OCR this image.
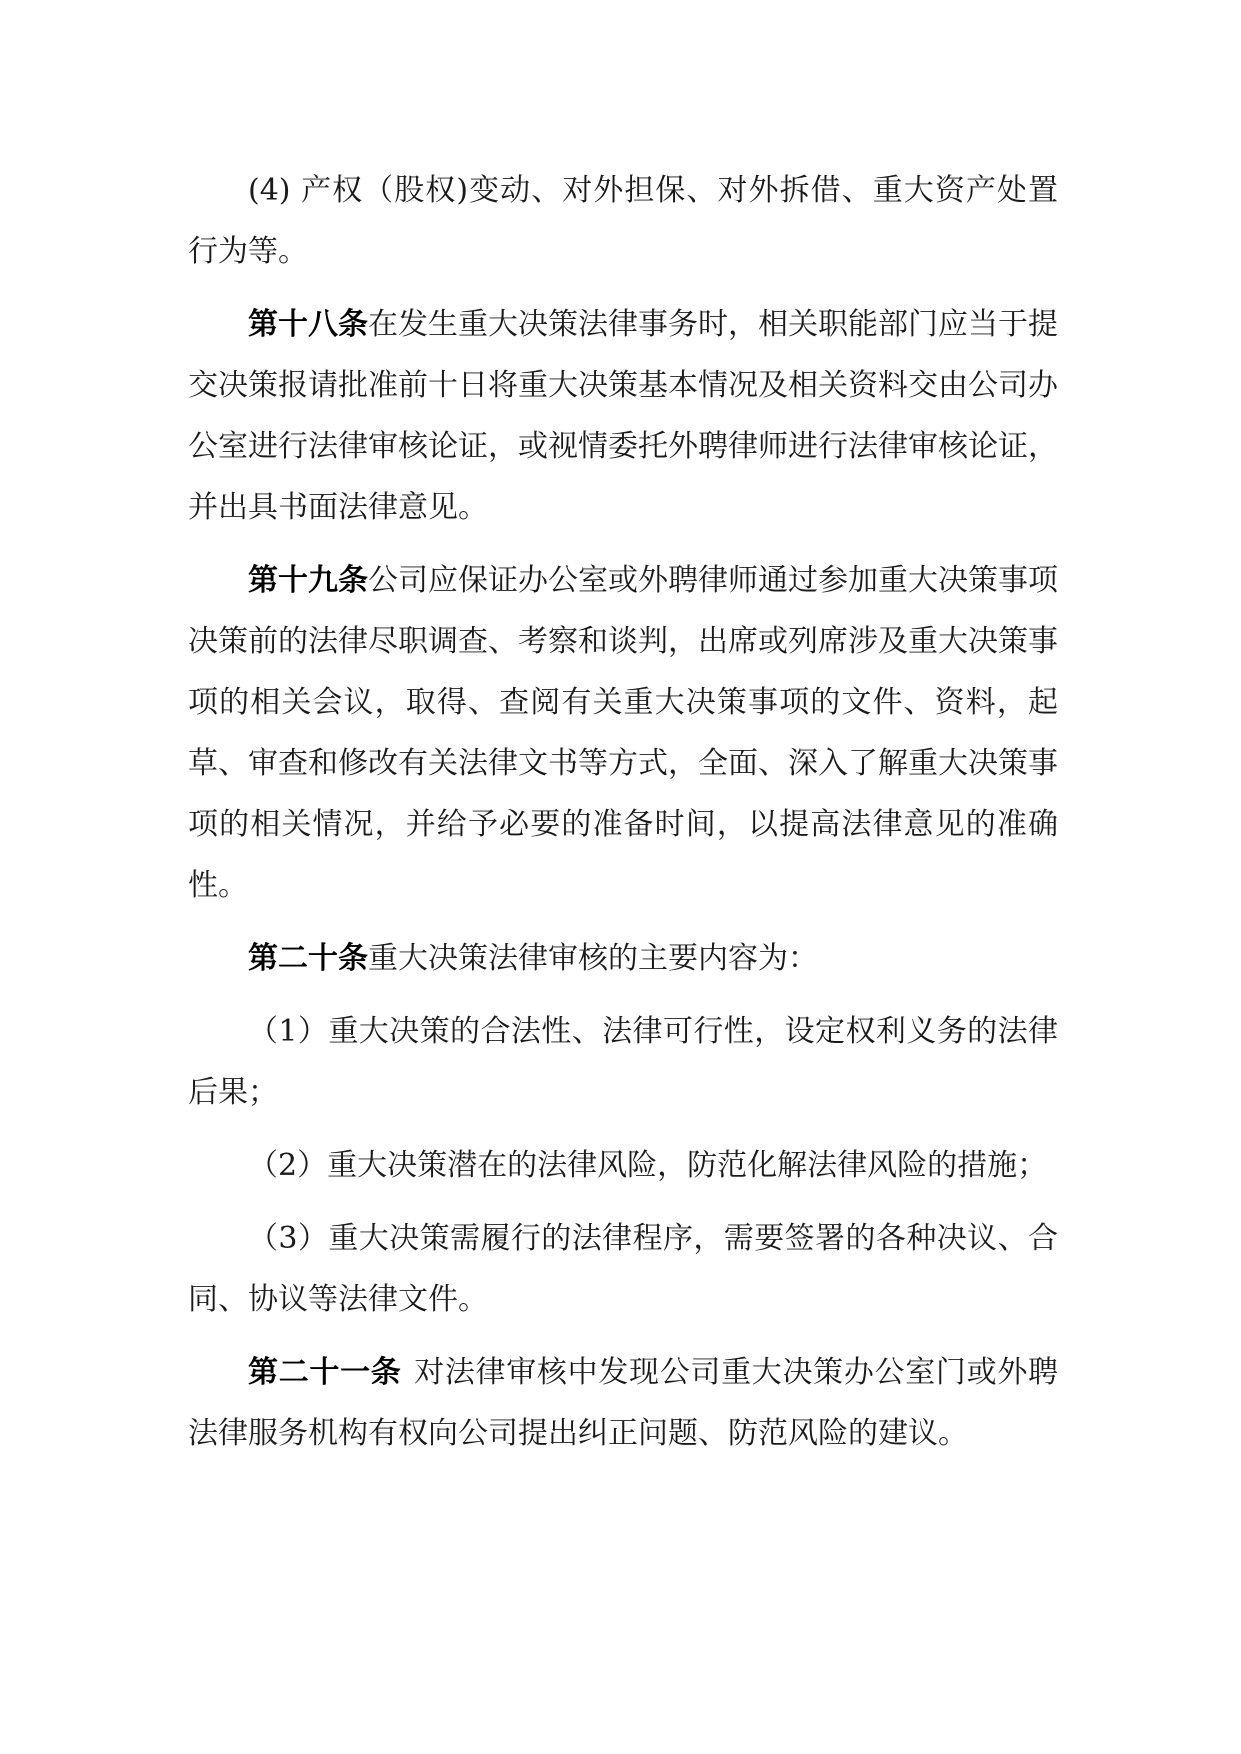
(4) 产权（股权)变动、对外担保、对外拆借、重大资产处置行为等。

第十八条在发生重大决策法律事务时，相关职能部门应当于提交决策报请批准前十日将重大决策基本情况及相关资料交由公司办公室进行法律审核论证，或视情委托外聘律师进行法律审核论证，并出具书面法律意见。

第十九条公司应保证办公室或外聘律师通过参加重大决策事项决策前的法律尽职调查、考察和谈判，出席或列席涉及重大决策事项的相关会议，取得、查阅有关重大决策事项的文件、资料，起草、审查和修改有关法律文书等方式，全面、深入了解重大决策事项的相关情况，并给予必要的准备时间，以提高法律意见的准确性。

第二十条重大决策法律审核的主要内容为：

（1）重大决策的合法性、法律可行性，设定权利义务的法律后果；

（2）重大决策潜在的法律风险，防范化解法律风险的措施；

（3）重大决策需履行的法律程序，需要签署的各种决议、合同、协议等法律文件。

第二十一条 对法律审核中发现公司重大决策办公室门或外聘法律服务机构有权向公司提出纠正问题、防范风险的建议。
